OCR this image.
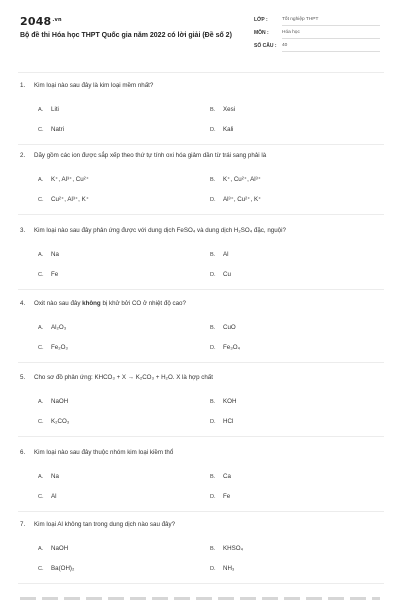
$2048^{.vn}$
Bộ đề thi Hóa học THPT Quốc gia năm 2022 có lời giải (Đề số 2)
LỚP :	Tốt nghiệp THPT
MÔN :	Hóa học
SỐ CÂU :	40
1. Kim loại nào sau đây là kim loại mềm nhất?
A. Liti	B. Xesi
C. Natri	D. Kali
2. Dãy gồm các ion được sắp xếp theo thứ tự tính oxi hóa giảm dần từ trái sang phải là
A. K⁺, Al³⁺, Cu²⁺	B. K⁺, Cu²⁺, Al³⁺
C. Cu²⁺, Al³⁺, K⁺	D. Al³⁺, Cu²⁺, K⁺
3. Kim loại nào sau đây phản ứng được với dung dịch FeSO₄ và dung dịch H₂SO₄ đặc, nguội?
A. Na	B. Al
C. Fe	D. Cu
4. Oxit nào sau đây không bị khử bởi CO ở nhiệt độ cao?
A. Al₂O₃	B. CuO
C. Fe₂O₃	D. Fe₃O₄
5. Cho sơ đồ phản ứng: KHCO₃ + X → K₂CO₃ + H₂O. X là hợp chất
A. NaOH	B. KOH
C. K₂CO₃	D. HCl
6. Kim loại nào sau đây thuộc nhóm kim loại kiềm thổ
A. Na	B. Ca
C. Al	D. Fe
7. Kim loại Al không tan trong dung dịch nào sau đây?
A. NaOH	B. KHSO₄
C. Ba(OH)₂	D. NH₃
